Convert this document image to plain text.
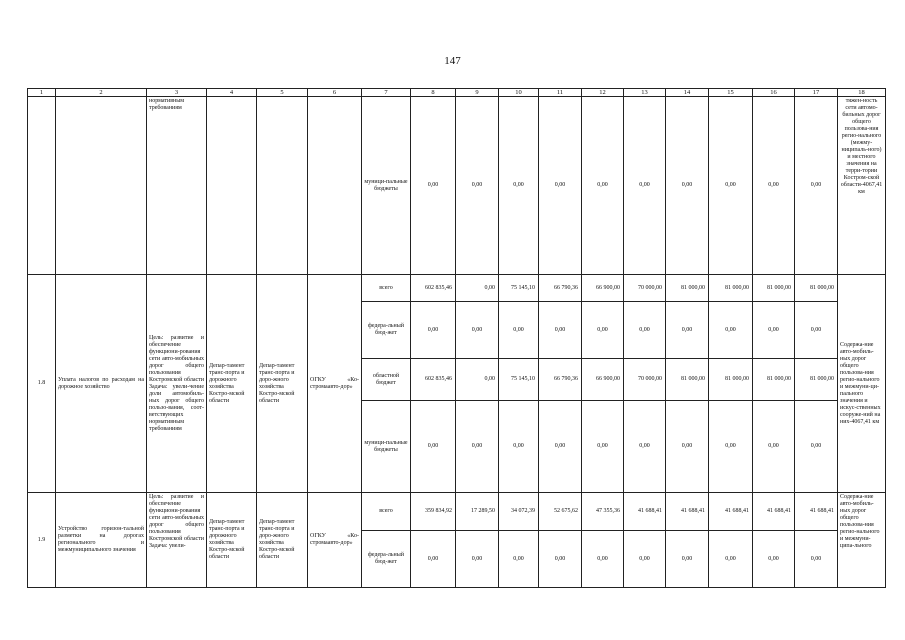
147
1	2	3	4	5	6	7	8	9	10	11	12	13	14	15	16	17	18
		нормативным требованиям				муници-пальные бюджеты	0,00	0,00	0,00	0,00	0,00	0,00	0,00	0,00	0,00	0,00	тяжен-ность сети автомо-бильных дорог общего пользова-ния регио-нального (межму-ниципаль-ного) и местного значения на терри-тории Костром-ской области-4067,41 км
1.8	Уплата налогов по расходам на дорожное хозяйство	Цель: развитие и обеспечение функциони-рования сети авто-мобильных дорог общего пользования Костромской области Задача: увели-чение доли автомобиль-ных дорог общего пользо-вания, соот-ветствующих нормативным требованиям	Депар-тамент транс-порта и дорожного хозяйства Костро-мской области	Депар-тамент транс-порта и доро-жного хозяйства Костро-мской области	ОГКУ «Ко-стромаавто-дор»	всего	602 835,46	0,00	75 145,10	66 790,36	66 900,00	70 000,00	81 000,00	81 000,00	81 000,00	81 000,00	Содержа-ние авто-мобиль-ных дорог общего пользова-ния регио-нального и межмуни-ци-пального значения и искус-ственных сооруже-ний на них-4067,41 км
						федера-льный бюд-жет	0,00	0,00	0,00	0,00	0,00	0,00	0,00	0,00	0,00	0,00	
						областной бюджет	602 835,46	0,00	75 145,10	66 790,36	66 900,00	70 000,00	81 000,00	81 000,00	81 000,00	81 000,00	
						муници-пальные бюджеты	0,00	0,00	0,00	0,00	0,00	0,00	0,00	0,00	0,00	0,00	
1.9	Устройство горизон-тальной разметки на дорогах регионального и межмуниципального значения	Цель: развитие и обеспечение функциони-рования сети авто-мобильных дорог общего пользования Костромской области Задача: увели-	Депар-тамент транс-порта и дорожного хозяйства Костро-мской области	Депар-тамент транс-порта и доро-жного хозяйства Костро-мской области	ОГКУ «Ко-стромаавто-дор»	всего	359 834,92	17 289,50	34 072,39	52 675,62	47 355,36	41 688,41	41 688,41	41 688,41	41 688,41	41 688,41	Содержа-ние авто-мобиль-ных дорог общего пользова-ния регио-нального и межмуни-ципа-льного
						федера-льный бюд-жет	0,00	0,00	0,00	0,00	0,00	0,00	0,00	0,00	0,00	0,00	
